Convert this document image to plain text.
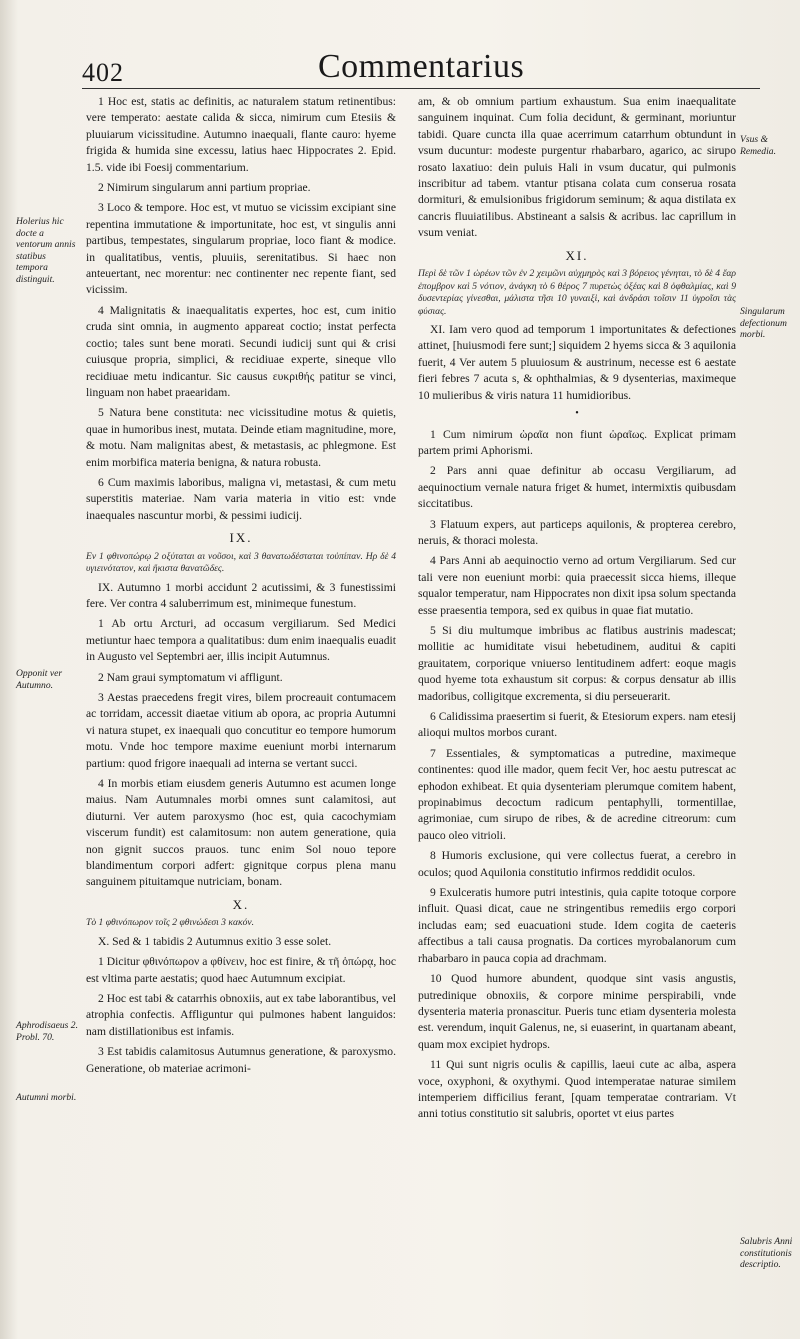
402	Commentarius
Holerius hic docte a ventorum annis statibus tempora distinguit.
Opponit ver Autumno.
Aphrodisaeus 2. Probl. 70.
Autumni morbi.
Vsus & Remedia.
Singularum defectionum morbi.
Salubris Anni constitutionis descriptio.

1 Hoc est, statis ac definitis, ac naturalem statum retinentibus: vere temperato: aestate calida & sicca, nimirum cum Etesiis & pluuiarum vicissitudine. Autumno inaequali, flante cauro: hyeme frigida & humida sine excessu, latius haec Hippocrates 2. Epid. 1.5. vide ibi Foesij commentarium.

2 Nimirum singularum anni partium propriae.

3 Loco & tempore. Hoc est, vt mutuo se vicissim excipiant sine repentina immutatione & importunitate, hoc est, vt singulis anni partibus, tempestates, singularum propriae, loco fiant & modice. in qualitatibus, ventis, pluuiis, serenitatibus. Si haec non anteuertant, nec morentur: nec continenter nec repente fiant, sed vicissim.

4 Malignitatis & inaequalitatis expertes, hoc est, cum initio cruda sint omnia, in augmento appareat coctio; instat perfecta coctio; tales sunt bene morati. Secundi iudicij sunt qui & crisi cuiusque propria, simplici, & recidiuae experte, sineque vllo recidiuae metu indicantur. Sic causus ευκριθής patitur se vinci, linguam non habet praearidam.

5 Natura bene constituta: nec vicissitudine motus & quietis, quae in humoribus inest, mutata. Deinde etiam magnitudine, more, & motu. Nam malignitas abest, & metastasis, ac phlegmone. Est enim morbifica materia benigna, & natura robusta.

6 Cum maximis laboribus, maligna vi, metastasi, & cum metu superstitis materiae. Nam varia materia in vitio est: vnde inaequales nascuntur morbi, & pessimi iudicij.

IX.

Εν 1 φθινοπώρῳ 2 οξύταται αι νοῦσοι, καὶ 3 θανατωδέσταται τοὐπίπαν. Ηρ δὲ 4 υγιεινότατον, καὶ ἥκιστα θανατῶδες.

IX. Autumno 1 morbi accidunt 2 acutissimi, & 3 funestissimi fere. Ver contra 4 saluberrimum est, minimeque funestum.

1 Ab ortu Arcturi, ad occasum vergiliarum. Sed Medici metiuntur haec tempora a qualitatibus: dum enim inaequalis euadit in Augusto vel Septembri aer, illis incipit Autumnus.

2 Nam graui symptomatum vi affligunt.

3 Aestas praecedens fregit vires, bilem procreauit contumacem ac torridam, accessit diaetae vitium ab opora, ac propria Autumni vi natura stupet, ex inaequali quo concutitur eo tempore humorum motu. Vnde hoc tempore maxime eueniunt morbi internarum partium: quod frigore inaequali ad interna se vertant succi.

4 In morbis etiam eiusdem generis Autumno est acumen longe maius. Nam Autumnales morbi omnes sunt calamitosi, aut diuturni. Ver autem paroxysmo (hoc est, quia cacochymiam viscerum fundit) est calamitosum: non autem generatione, quia non gignit succos prauos. tunc enim Sol nouo tepore blandimentum corpori adfert: gignitque corpus plena manu sanguinem pituitamque nutriciam, bonam.

X.

Τὸ 1 φθινόπωρον τοῖς 2 φθινώδεσι 3 κακόν.

X. Sed & 1 tabidis 2 Autumnus exitio 3 esse solet.

1 Dicitur φθινόπωρον a φθίνειν, hoc est finire, & τῆ ὀπώρᾳ, hoc est vltima parte aestatis; quod haec Autumnum excipiat.

2 Hoc est tabi & catarrhis obnoxiis, aut ex tabe laborantibus, vel atrophia confectis. Affliguntur qui pulmones habent languidos: nam distillationibus est infamis.

3 Est tabidis calamitosus Autumnus generatione, & paroxysmo. Generatione, ob materiae acrimoni-

am, & ob omnium partium exhaustum. Sua enim inaequalitate sanguinem inquinat. Cum folia decidunt, & germinant, moriuntur tabidi. Quare cuncta illa quae acerrimum catarrhum obtundunt in vsum ducuntur: modeste purgentur rhabarbaro, agarico, ac sirupo rosato laxatiuo: dein puluis Hali in vsum ducatur, qui pulmonis inscribitur ad tabem. vtantur ptisana colata cum conserua rosata dormituri, & emulsionibus frigidorum seminum; & aqua distilata ex cancris fluuiatilibus. Abstineant a salsis & acribus. lac caprillum in vsum veniat.

XI.

Περὶ δὲ τῶν 1 ὡρέων τῶν ἐν 2 χειμῶνι αὐχμηρὸς καὶ 3 βόρειος γένηται, τὸ δὲ 4 ἔαρ ἐπομβρον καὶ 5 νότιον, ἀνάγκη τὸ 6 θέρος 7 πυρετὼς ὀξέας καὶ 8 ὀφθαλμίας, καὶ 9 δυσεντερίας γίνεσθαι, μάλιστα τῆσι 10 γυναιξὶ, καὶ ἀνδράσι τοῖσιν 11 ὑγροῖσι τὰς φύσιας.

XI. Iam vero quod ad temporum 1 importunitates & defectiones attinet, [huiusmodi fere sunt;] siquidem 2 hyems sicca & 3 aquilonia fuerit, 4 Ver autem 5 pluuiosum & austrinum, necesse est 6 aestate fieri febres 7 acuta s, & ophthalmias, & 9 dysenterias, maximeque 10 mulieribus & viris natura 11 humidioribus.

•

1 Cum nimirum ὡραῖα non fiunt ὡραῖως. Explicat primam partem primi Aphorismi.

2 Pars anni quae definitur ab occasu Vergiliarum, ad aequinoctium vernale natura friget & humet, intermixtis quibusdam siccitatibus.

3 Flatuum expers, aut particeps aquilonis, & propterea cerebro, neruis, & thoraci molesta.

4 Pars Anni ab aequinoctio verno ad ortum Vergiliarum. Sed cur tali vere non eueniunt morbi: quia praecessit sicca hiems, illeque squalor temperatur, nam Hippocrates non dixit ipsa solum spectanda esse praesentia tempora, sed ex quibus in quae fiat mutatio.

5 Si diu multumque imbribus ac flatibus austrinis madescat; mollitie ac humiditate visui hebetudinem, auditui & capiti grauitatem, corporique vniuerso lentitudinem adfert: eoque magis quod hyeme tota exhaustum sit corpus: & corpus densatur ab illis madoribus, colligitque excrementa, si diu perseuerarit.

6 Calidissima praesertim si fuerit, & Etesiorum expers. nam etesij alioqui multos morbos curant.

7 Essentiales, & symptomaticas a putredine, maximeque continentes: quod ille mador, quem fecit Ver, hoc aestu putrescat ac ephodon exhibeat. Et quia dysenteriam plerumque comitem habent, propinabimus decoctum radicum pentaphylli, tormentillae, agrimoniae, cum sirupo de ribes, & de acredine citreorum: cum pauco oleo vitrioli.

8 Humoris exclusione, qui vere collectus fuerat, a cerebro in oculos; quod Aquilonia constitutio infirmos reddidit oculos.

9 Exulceratis humore putri intestinis, quia capite totoque corpore influit. Quasi dicat, caue ne stringentibus remediis ergo corpori includas eam; sed euacuationi stude. Idem cogita de caeteris affectibus a tali causa prognatis. Da cortices myrobalanorum cum rhabarbaro in pauca copia ad drachmam.

10 Quod humore abundent, quodque sint vasis angustis, putredinique obnoxiis, & corpore minime perspirabili, vnde dysenteria materia pronascitur. Pueris tunc etiam dysenteria molesta est. verendum, inquit Galenus, ne, si euaserint, in quartanam abeant, quam mox excipiet hydrops.

11 Qui sunt nigris oculis & capillis, laeui cute ac alba, aspera voce, oxyphoni, & oxythymi. Quod intemperatae naturae similem intemperiem difficilius ferant, [quam temperatae contrariam. Vt anni totius constitutio sit salubris, oportet vt eius partes
